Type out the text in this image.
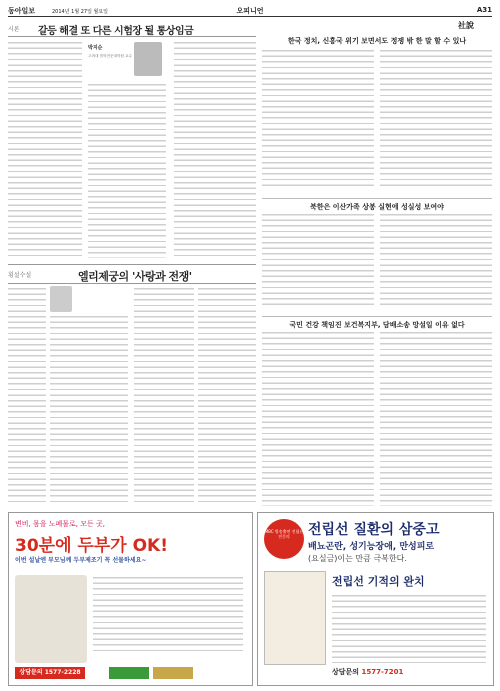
동아일보	2014년 1월 27일 월요일	오피니언	A31
시론 갈등 해결 또 다른 시험장 될 통상임금
박지순
고려대 법학전문대학원 교수
횡설수설	엘리제궁의 '사랑과 전쟁'
社說
한국 정치, 신흥국 위기 보면서도 정쟁 밖 한 말 할 수 있나
북한은 이산가족 상봉 실현에 성실성 보여야
국민 건강 책임진 보건복지부, 담배소송 망설일 이유 없다
변비, 몸을 노폐물로, 모든 곳,
30분에 두부가 OK!
이번 설날엔 부모님께 두부제조기 꼭 선물하세요~
상담문의 1577-2228
전립선 질환의 삼중고
배뇨곤란, 성기능장애, 만성피로
(요실금)이는 만큼 극복한다.
MBC 방송출연 전립선 전문의
전립선 기적의 완치
상담문의 1577-7201
